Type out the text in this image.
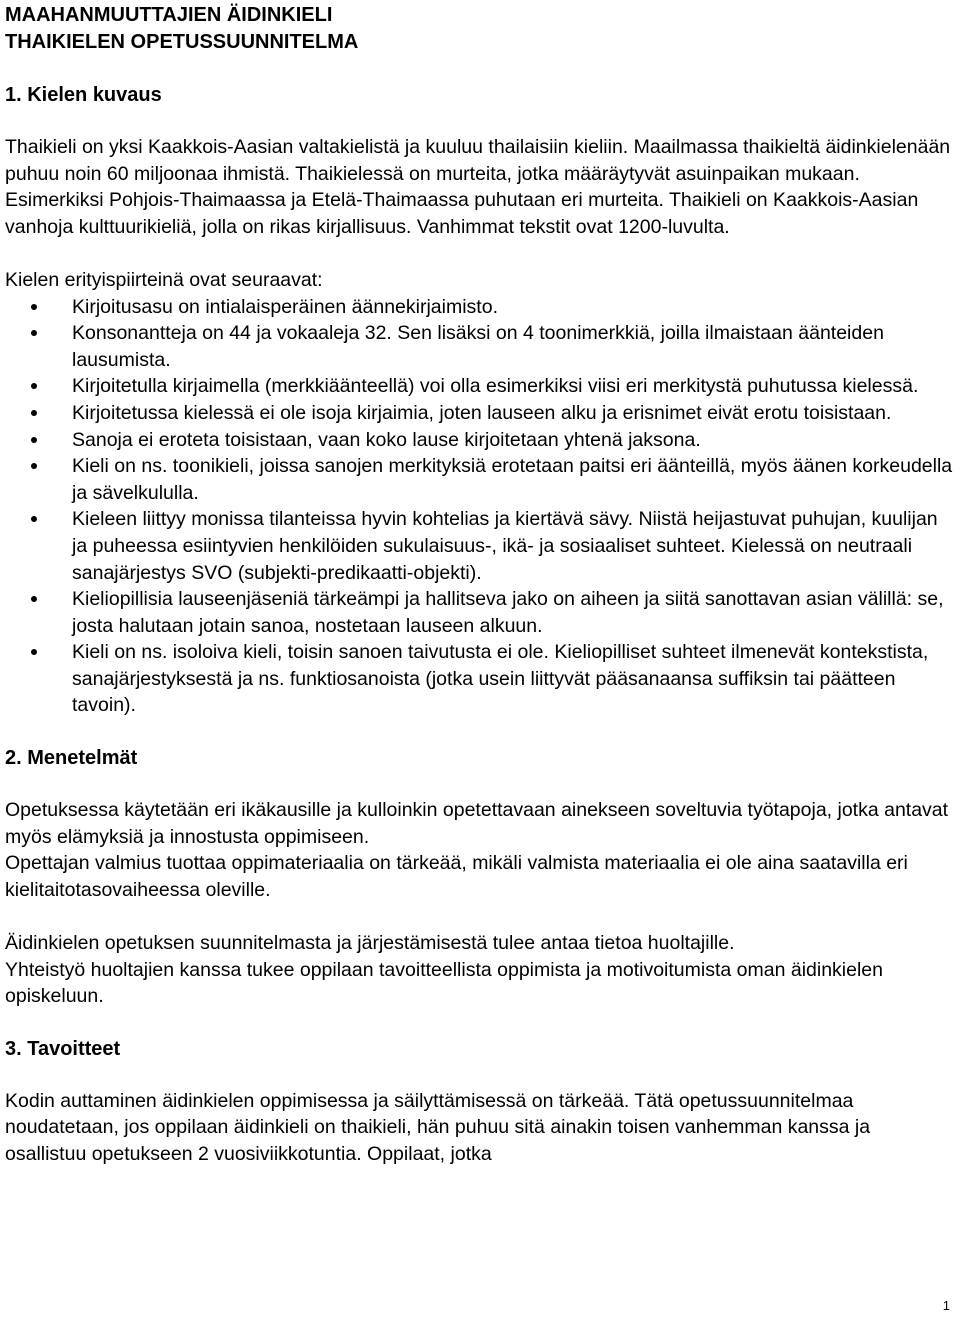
MAAHANMUUTTAJIEN ÄIDINKIELI
THAIKIELEN OPETUSSUUNNITELMA
1. Kielen kuvaus

Thaikieli on yksi Kaakkois-Aasian valtakielistä ja kuuluu thailaisiin kieliin. Maailmassa thaikieltä äidinkielenään puhuu noin 60 miljoonaa ihmistä. Thaikielessä on murteita, jotka määräytyvät asuinpaikan mukaan. Esimerkiksi Pohjois-Thaimaassa ja Etelä-Thaimaassa puhutaan eri murteita. Thaikieli on Kaakkois-Aasian vanhoja kulttuurikieliä, jolla on rikas kirjallisuus. Vanhimmat tekstit ovat 1200-luvulta.

Kielen erityispiirteinä ovat seuraavat:

Kirjoitusasu on intialaisperäinen äännekirjaimisto.
Konsonantteja on 44 ja vokaaleja 32. Sen lisäksi on 4 toonimerkkiä, joilla ilmaistaan äänteiden lausumista.
Kirjoitetulla kirjaimella (merkkiäänteellä) voi olla esimerkiksi viisi eri merkitystä puhutussa kielessä.
Kirjoitetussa kielessä ei ole isoja kirjaimia, joten lauseen alku ja erisnimet eivät erotu toisistaan.
Sanoja ei eroteta toisistaan, vaan koko lause kirjoitetaan yhtenä jaksona.
Kieli on ns. toonikieli, joissa sanojen merkityksiä erotetaan paitsi eri äänteillä, myös äänen korkeudella ja sävelkululla.
Kieleen liittyy monissa tilanteissa hyvin kohtelias ja kiertävä sävy. Niistä heijastuvat puhujan, kuulijan ja puheessa esiintyvien henkilöiden sukulaisuus-, ikä- ja sosiaaliset suhteet. Kielessä on neutraali sanajärjestys SVO (subjekti-predikaatti-objekti).
Kieliopillisia lauseenjäseniä tärkeämpi ja hallitseva jako on aiheen ja siitä sanottavan asian välillä: se, josta halutaan jotain sanoa, nostetaan lauseen alkuun.
Kieli on ns. isoloiva kieli, toisin sanoen taivutusta ei ole. Kieliopilliset suhteet ilmenevät kontekstista, sanajärjestyksestä ja ns. funktiosanoista (jotka usein liittyvät pääsanaansa suffiksin tai päätteen tavoin).
2. Menetelmät

Opetuksessa käytetään eri ikäkausille ja kulloinkin opetettavaan ainekseen soveltuvia työtapoja, jotka antavat myös elämyksiä ja innostusta oppimiseen.

Opettajan valmius tuottaa oppimateriaalia on tärkeää, mikäli valmista materiaalia ei ole aina saatavilla eri kielitaitotasovaiheessa oleville.

Äidinkielen opetuksen suunnitelmasta ja järjestämisestä tulee antaa tietoa huoltajille.

Yhteistyö huoltajien kanssa tukee oppilaan tavoitteellista oppimista ja motivoitumista oman äidinkielen opiskeluun.

3. Tavoitteet

Kodin auttaminen äidinkielen oppimisessa ja säilyttämisessä on tärkeää. Tätä opetussuunnitelmaa noudatetaan, jos oppilaan äidinkieli on thaikieli, hän puhuu sitä ainakin toisen vanhemman kanssa ja osallistuu opetukseen 2 vuosiviikkotuntia. Oppilaat, jotka

1
